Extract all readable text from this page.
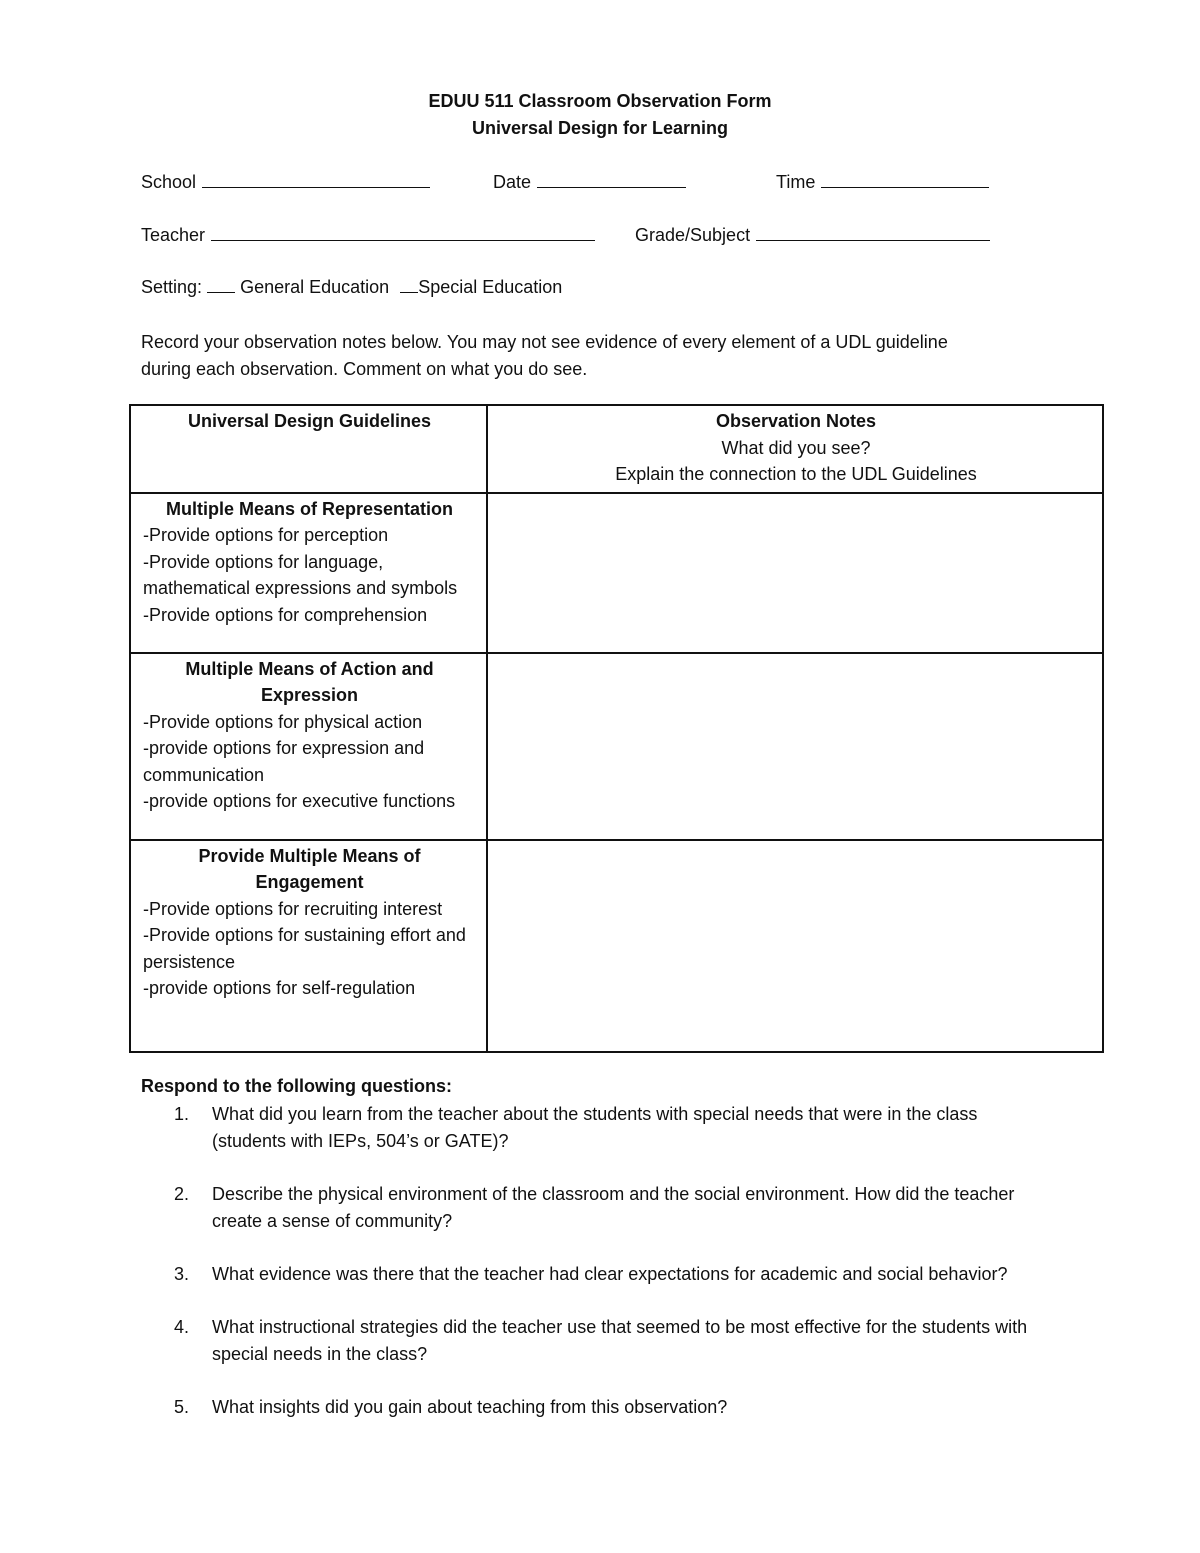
EDUU 511 Classroom Observation Form
Universal Design for Learning
School	Date	Time
Teacher	Grade/Subject
Setting: General Education Special Education
Record your observation notes below. You may not see evidence of every element of a UDL guideline
during each observation. Comment on what you do see.
Universal Design Guidelines	Observation Notes
What did you see?
Explain the connection to the UDL Guidelines

Multiple Means of Representation
-Provide options for perception
-Provide options for language, mathematical expressions and symbols
-Provide options for comprehension	

Multiple Means of Action and Expression
-Provide options for physical action
-provide options for expression and communication
-provide options for executive functions	

Provide Multiple Means of Engagement
-Provide options for recruiting interest
-Provide options for sustaining effort and persistence
-provide options for self-regulation	

Respond to the following questions:
1.	What did you learn from the teacher about the students with special needs that were in the class (students with IEPs, 504’s or GATE)?
2.	Describe the physical environment of the classroom and the social environment. How did the teacher create a sense of community?
3.	What evidence was there that the teacher had clear expectations for academic and social behavior?
4.	What instructional strategies did the teacher use that seemed to be most effective for the students with special needs in the class?
5.	What insights did you gain about teaching from this observation?
